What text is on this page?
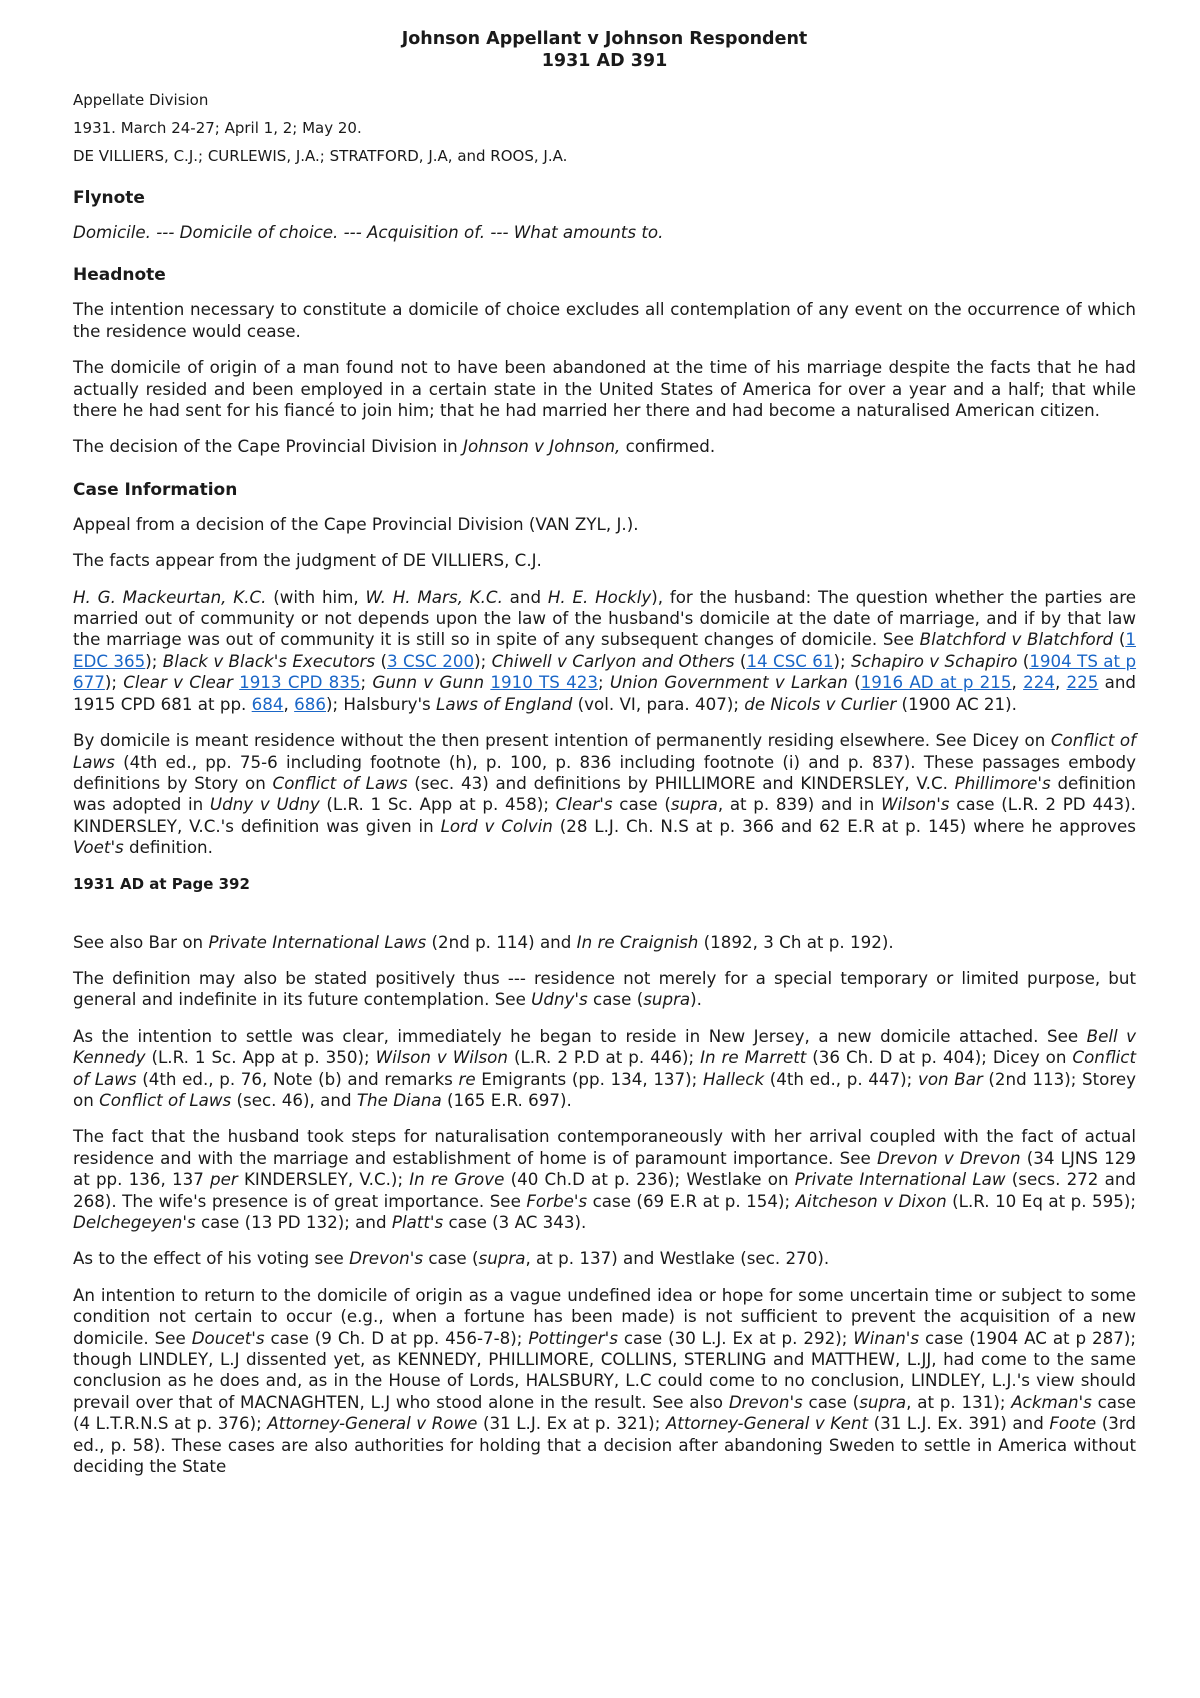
Johnson Appellant v Johnson Respondent
1931 AD 391

Appellate Division

1931. March 24-27; April 1, 2; May 20.

DE VILLIERS, C.J.; CURLEWIS, J.A.; STRATFORD, J.A, and ROOS, J.A.

Flynote

Domicile. --- Domicile of choice. --- Acquisition of. --- What amounts to.

Headnote

The intention necessary to constitute a domicile of choice excludes all contemplation of any event on the occurrence of which the residence would cease.

The domicile of origin of a man found not to have been abandoned at the time of his marriage despite the facts that he had actually resided and been employed in a certain state in the United States of America for over a year and a half; that while there he had sent for his fiancé to join him; that he had married her there and had become a naturalised American citizen.

The decision of the Cape Provincial Division in Johnson v Johnson, confirmed.

Case Information

Appeal from a decision of the Cape Provincial Division (VAN ZYL, J.).

The facts appear from the judgment of DE VILLIERS, C.J.

H. G. Mackeurtan, K.C. (with him, W. H. Mars, K.C. and H. E. Hockly), for the husband: The question whether the parties are married out of community or not depends upon the law of the husband's domicile at the date of marriage, and if by that law the marriage was out of community it is still so in spite of any subsequent changes of domicile. See Blatchford v Blatchford (1 EDC 365); Black v Black's Executors (3 CSC 200); Chiwell v Carlyon and Others (14 CSC 61); Schapiro v Schapiro (1904 TS at p 677); Clear v Clear 1913 CPD 835; Gunn v Gunn 1910 TS 423; Union Government v Larkan (1916 AD at p 215, 224, 225 and 1915 CPD 681 at pp. 684, 686); Halsbury's Laws of England (vol. VI, para. 407); de Nicols v Curlier (1900 AC 21).

By domicile is meant residence without the then present intention of permanently residing elsewhere. See Dicey on Conflict of Laws (4th ed., pp. 75-6 including footnote (h), p. 100, p. 836 including footnote (i) and p. 837). These passages embody definitions by Story on Conflict of Laws (sec. 43) and definitions by PHILLIMORE and KINDERSLEY, V.C. Phillimore's definition was adopted in Udny v Udny (L.R. 1 Sc. App at p. 458); Clear's case (supra, at p. 839) and in Wilson's case (L.R. 2 PD 443). KINDERSLEY, V.C.'s definition was given in Lord v Colvin (28 L.J. Ch. N.S at p. 366 and 62 E.R at p. 145) where he approves Voet's definition.

1931 AD at Page 392

See also Bar on Private International Laws (2nd p. 114) and In re Craignish (1892, 3 Ch at p. 192).

The definition may also be stated positively thus --- residence not merely for a special temporary or limited purpose, but general and indefinite in its future contemplation. See Udny's case (supra).

As the intention to settle was clear, immediately he began to reside in New Jersey, a new domicile attached. See Bell v Kennedy (L.R. 1 Sc. App at p. 350); Wilson v Wilson (L.R. 2 P.D at p. 446); In re Marrett (36 Ch. D at p. 404); Dicey on Conflict of Laws (4th ed., p. 76, Note (b) and remarks re Emigrants (pp. 134, 137); Halleck (4th ed., p. 447); von Bar (2nd 113); Storey on Conflict of Laws (sec. 46), and The Diana (165 E.R. 697).

The fact that the husband took steps for naturalisation contemporaneously with her arrival coupled with the fact of actual residence and with the marriage and establishment of home is of paramount importance. See Drevon v Drevon (34 LJNS 129 at pp. 136, 137 per KINDERSLEY, V.C.); In re Grove (40 Ch.D at p. 236); Westlake on Private International Law (secs. 272 and 268). The wife's presence is of great importance. See Forbe's case (69 E.R at p. 154); Aitcheson v Dixon (L.R. 10 Eq at p. 595); Delchegeyen's case (13 PD 132); and Platt's case (3 AC 343).

As to the effect of his voting see Drevon's case (supra, at p. 137) and Westlake (sec. 270).

An intention to return to the domicile of origin as a vague undefined idea or hope for some uncertain time or subject to some condition not certain to occur (e.g., when a fortune has been made) is not sufficient to prevent the acquisition of a new domicile. See Doucet's case (9 Ch. D at pp. 456-7-8); Pottinger's case (30 L.J. Ex at p. 292); Winan's case (1904 AC at p 287); though LINDLEY, L.J dissented yet, as KENNEDY, PHILLIMORE, COLLINS, STERLING and MATTHEW, L.JJ, had come to the same conclusion as he does and, as in the House of Lords, HALSBURY, L.C could come to no conclusion, LINDLEY, L.J.'s view should prevail over that of MACNAGHTEN, L.J who stood alone in the result. See also Drevon's case (supra, at p. 131); Ackman's case (4 L.T.R.N.S at p. 376); Attorney-General v Rowe (31 L.J. Ex at p. 321); Attorney-General v Kent (31 L.J. Ex. 391) and Foote (3rd ed., p. 58). These cases are also authorities for holding that a decision after abandoning Sweden to settle in America without deciding the State
